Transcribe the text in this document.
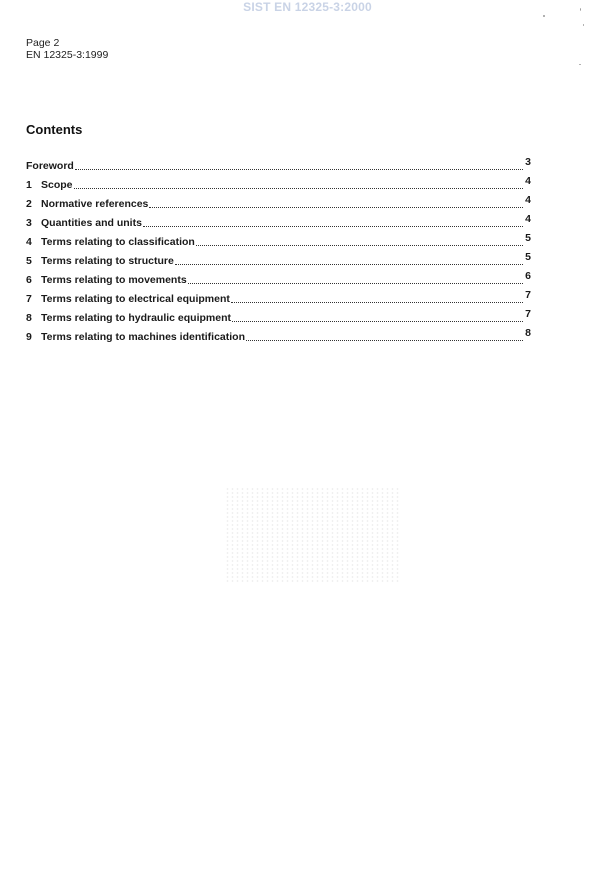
SIST EN 12325-3:2000
Page 2
EN 12325-3:1999
Contents
Foreword	3
1 Scope	4
2 Normative references	4
3 Quantities and units	4
4 Terms relating to classification	5
5 Terms relating to structure	5
6 Terms relating to movements	6
7 Terms relating to electrical equipment	7
8 Terms relating to hydraulic equipment	7
9 Terms relating to machines identification	8
